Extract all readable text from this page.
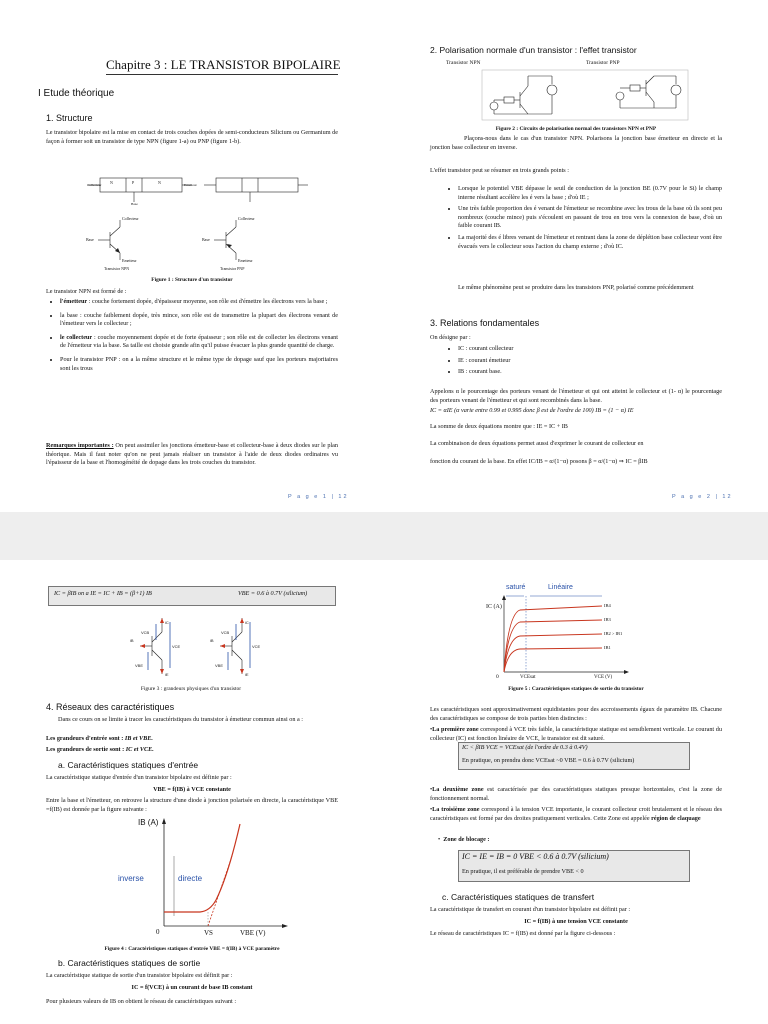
Chapitre 3 : LE TRANSISTOR BIPOLAIRE
I Etude théorique
1. Structure
Le transistor bipolaire est la mise en contact de trois couches dopées de semi-conducteurs Silicium ou Germanium de façon à former soit un transistor de type NPN (figure 1-a) ou PNP (figure 1-b).
Collecteur N	P	N	Emetteur
Base
Base
Collecteur
Emetteur
Transistor NPN
Base
Collecteur
Emetteur
Transistor PNP
Figure 1 : Structure d'un transistor
Le transistor NPN est formé de :
• l'émetteur : couche fortement dopée, d'épaisseur moyenne, son rôle est d'émettre les électrons vers la base ;
• la base : couche faiblement dopée, très mince, son rôle est de transmettre la plupart des électrons venant de l'émetteur vers le collecteur ;
• le collecteur : couche moyennement dopée et de forte épaisseur ; son rôle est de collecter les électrons venant de l'émetteur via la base. Sa taille est choisie grande afin qu'il puisse évacuer la plus grande quantité de charge.
• Pour le transistor PNP : on a la même structure et le même type de dopage sauf que les porteurs majoritaires sont les trous
Remarques importantes : On peut assimiler les jonctions émetteur-base et collecteur-base à deux diodes sur le plan théorique. Mais il faut noter qu'on ne peut jamais réaliser un transistor à l'aide de deux diodes ordinaires vu l'épaisseur de la base et l'homogénéité de dopage dans les trois couches du transistor.
P a g e 1 | 12
2. Polarisation normale d'un transistor : l'effet transistor
Transistor NPN	Transistor PNP
Figure 2 : Circuits de polarisation normal des transistors NPN et PNP
Plaçons-nous dans le cas d'un transistor NPN. Polarisons la jonction base émetteur en directe et la jonction base collecteur en inverse.
L'effet transistor peut se résumer en trois grands points :
• Lorsque le potentiel VBE dépasse le seuil de conduction de la jonction BE (0.7V pour le Si) le champ interne résultant accélère les é vers la base ; d'où IE ;
• Une très faible proportion des é venant de l'émetteur se recombine avec les trous de la base où ils sont peu nombreux (couche mince) puis s'écoulent en passant de trou en trou vers la connexion de base, d'où un faible courant IB.
• La majorité des é libres venant de l'émetteur et rentrant dans la zone de déplétion base collecteur vont être évacués vers le collecteur sous l'action du champ externe ; d'où IC.
Le même phénomène peut se produire dans les transistors PNP, polarisé comme précédemment
3. Relations fondamentales
On désigne par :
• IC : courant collecteur
• IE : courant émetteur
• IB : courant base.
Appelons α le pourcentage des porteurs venant de l'émetteur et qui ont atteint le collecteur et (1- α) le pourcentage des porteurs venant de l'émetteur et qui sont recombinés dans la base.
IC = αIE (α varie entre 0.99 et 0.995 donc β est de l'ordre de 100) IB = (1 − α) IE
La somme de deux équations montre que : IE = IC + IB
La combinaison de deux équations permet aussi d'exprimer le courant de collecteur en
fonction du courant de la base. En effet IC/IB = α/(1−α) posons β = α/(1−α) ⇒ IC = βIB
P a g e 2 | 12
IC = βIB on a IE = IC + IB = (β+1) IB	VBE = 0.6 à 0.7V (silicium)
iB
iC
iE
VCB
VCE
VBE
iB
iC
iE
VCB
VCE
VBE
Figure 3 : grandeurs physiques d'un transistor
4. Réseaux des caractéristiques
Dans ce cours on se limite à tracer les caractéristiques du transistor à émetteur commun ainsi on a :
Les grandeurs d'entrée sont : IB et VBE.
Les grandeurs de sortie sont : IC et VCE.
a. Caractéristiques statiques d'entrée
La caractéristique statique d'entrée d'un transistor bipolaire est définie par :
VBE = f(IB) à VCE constante
Entre la base et l'émetteur, on retrouve la structure d'une diode à jonction polarisée en directe, la caractéristique VBE =f(IB) est donnée par la figure suivante :
IB (A)
inverse	directe
0	VS	VBE (V)
Figure 4 : Caractéristiques statiques d'entrée VBE = f(IB) à VCE paramètre
b. Caractéristiques statiques de sortie
La caractéristique statique de sortie d'un transistor bipolaire est définit par :
IC = f(VCE) à un courant de base IB constant
Pour plusieurs valeurs de IB on obtient le réseau de caractéristiques suivant :
saturé	Linéaire
IC (A)	IB4
IB3
IB2 > IB1
IB1
0	VCEsat	VCE (V)
Figure 5 : Caractéristiques statiques de sortie du transistor
Les caractéristiques sont approximativement equidistantes pour des accroissements égaux de paramètre IB. Chacune des caractéristiques se compose de trois parties bien distinctes :
•La première zone correspond à VCE très faible, la caractéristique statique est sensiblement verticale. Le courant du collecteur (IC) est fonction linéaire de VCE, le transistor est dit saturé.
IC < βIB VCE = VCEsat (de l'ordre de 0.3 à 0.4V)
En pratique, on prendra donc VCEsat ~0 VBE = 0.6 à 0.7V (silicium)
•La deuxième zone est caractérisée par des caractéristiques statiques presque horizontales, c'est la zone de fonctionnement normal.
•La troisième zone correspond à la tension VCE importante, le courant collecteur croit brutalement et le réseau des caractéristiques est formé par des droites pratiquement verticales. Cette Zone est appelée région de claquage
•  Zone de blocage :
IC = IE = IB = 0 VBE < 0.6 à 0.7V (silicium)
En pratique, il est préférable de prendre VBE < 0
c. Caractéristiques statiques de transfert
La caractéristique de transfert en courant d'un transistor bipolaire est définit par :
IC = f(IB) à une tension VCE constante
Le réseau de caractéristiques IC = f(IB) est donné par la figure ci-dessous :
